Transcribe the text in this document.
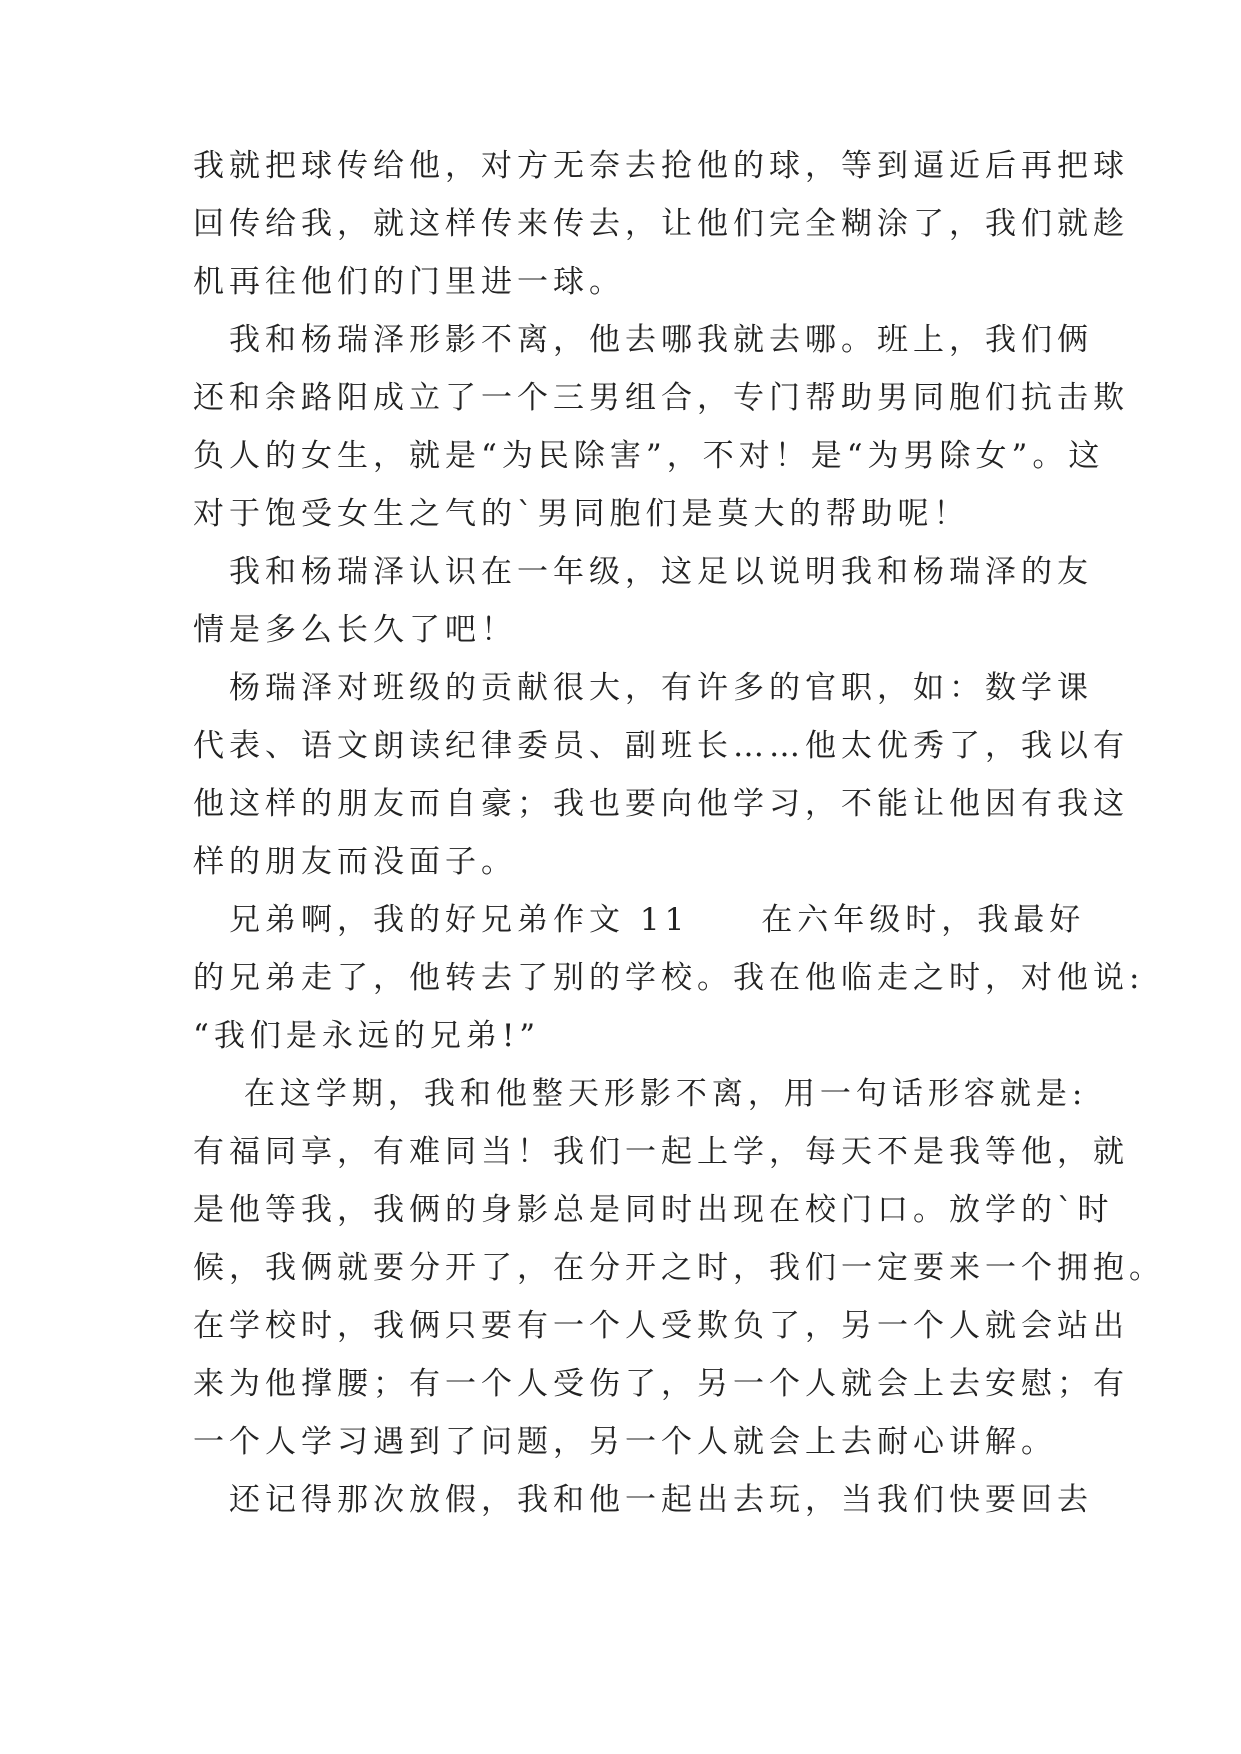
我就把球传给他，对方无奈去抢他的球，等到逼近后再把球
回传给我，就这样传来传去，让他们完全糊涂了，我们就趁
机再往他们的门里进一球。
　我和杨瑞泽形影不离，他去哪我就去哪。班上，我们俩
还和余路阳成立了一个三男组合，专门帮助男同胞们抗击欺
负人的女生，就是“为民除害”，不对！是“为男除女”。这
对于饱受女生之气的`男同胞们是莫大的帮助呢！
　我和杨瑞泽认识在一年级，这足以说明我和杨瑞泽的友
情是多么长久了吧！
　杨瑞泽对班级的贡献很大，有许多的官职，如：数学课
代表、语文朗读纪律委员、副班长……他太优秀了，我以有
他这样的朋友而自豪；我也要向他学习，不能让他因有我这
样的朋友而没面子。
　兄弟啊，我的好兄弟作文 11　　在六年级时，我最好
的兄弟走了，他转去了别的学校。我在他临走之时，对他说:
“我们是永远的兄弟!”
　 在这学期，我和他整天形影不离，用一句话形容就是:
有福同享，有难同当！我们一起上学，每天不是我等他，就
是他等我，我俩的身影总是同时出现在校门口。放学的`时
候，我俩就要分开了，在分开之时，我们一定要来一个拥抱。
在学校时，我俩只要有一个人受欺负了，另一个人就会站出
来为他撑腰；有一个人受伤了，另一个人就会上去安慰；有
一个人学习遇到了问题，另一个人就会上去耐心讲解。
　还记得那次放假，我和他一起出去玩，当我们快要回去
